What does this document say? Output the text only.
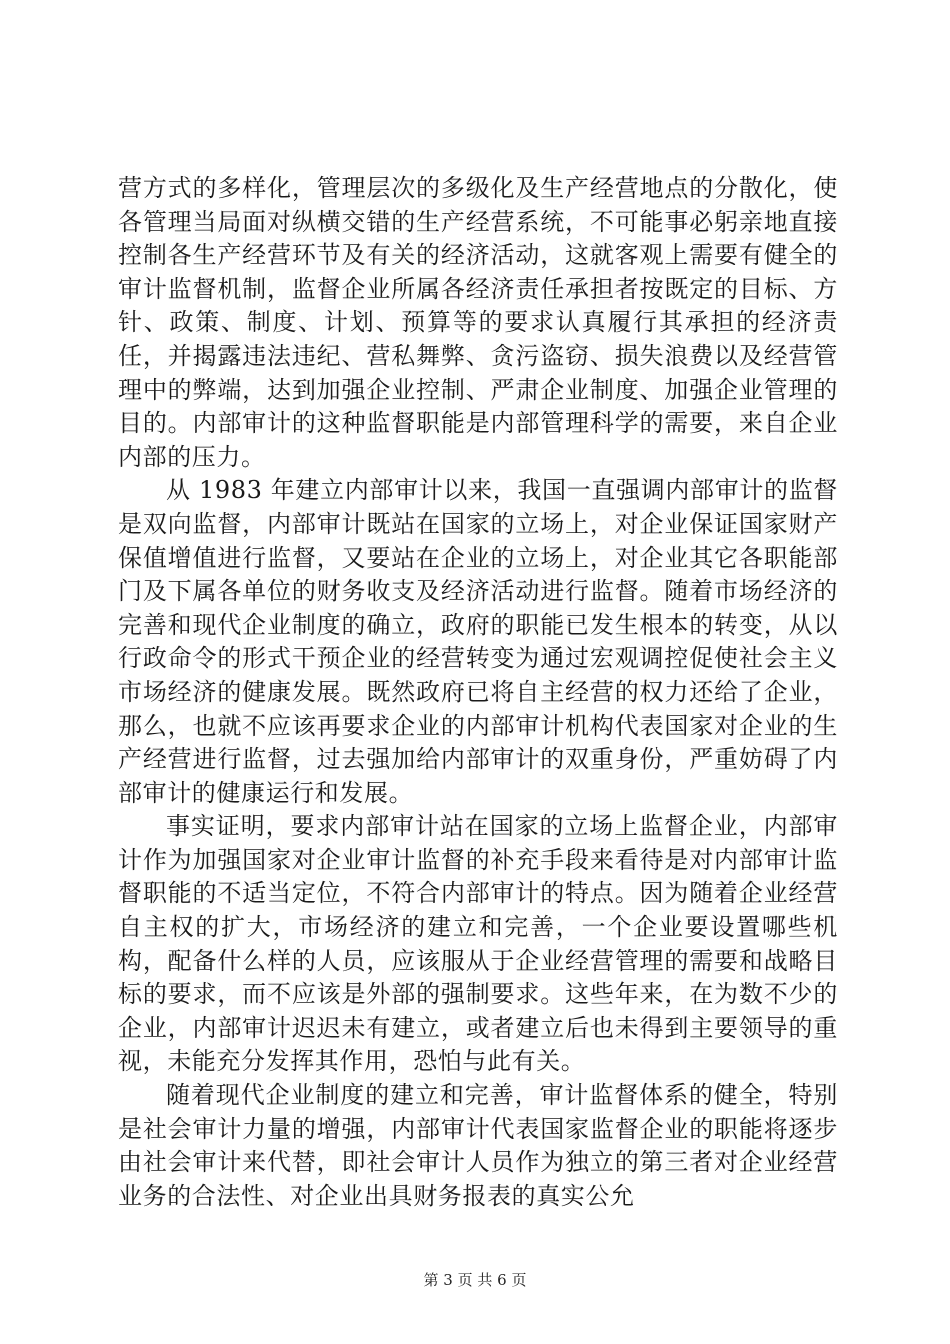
营方式的多样化，管理层次的多级化及生产经营地点的分散化，使各管理当局面对纵横交错的生产经营系统，不可能事必躬亲地直接控制各生产经营环节及有关的经济活动，这就客观上需要有健全的审计监督机制，监督企业所属各经济责任承担者按既定的目标、方针、政策、制度、计划、预算等的要求认真履行其承担的经济责任，并揭露违法违纪、营私舞弊、贪污盗窃、损失浪费以及经营管理中的弊端，达到加强企业控制、严肃企业制度、加强企业管理的目的。内部审计的这种监督职能是内部管理科学的需要，来自企业内部的压力。

从 1983 年建立内部审计以来，我国一直强调内部审计的监督是双向监督，内部审计既站在国家的立场上，对企业保证国家财产保值增值进行监督，又要站在企业的立场上，对企业其它各职能部门及下属各单位的财务收支及经济活动进行监督。随着市场经济的完善和现代企业制度的确立，政府的职能已发生根本的转变，从以行政命令的形式干预企业的经营转变为通过宏观调控促使社会主义市场经济的健康发展。既然政府已将自主经营的权力还给了企业，那么，也就不应该再要求企业的内部审计机构代表国家对企业的生产经营进行监督，过去强加给内部审计的双重身份，严重妨碍了内部审计的健康运行和发展。

事实证明，要求内部审计站在国家的立场上监督企业，内部审计作为加强国家对企业审计监督的补充手段来看待是对内部审计监督职能的不适当定位，不符合内部审计的特点。因为随着企业经营自主权的扩大，市场经济的建立和完善，一个企业要设置哪些机构，配备什么样的人员，应该服从于企业经营管理的需要和战略目标的要求，而不应该是外部的强制要求。这些年来，在为数不少的企业，内部审计迟迟未有建立，或者建立后也未得到主要领导的重视，未能充分发挥其作用，恐怕与此有关。

随着现代企业制度的建立和完善，审计监督体系的健全，特别是社会审计力量的增强，内部审计代表国家监督企业的职能将逐步由社会审计来代替，即社会审计人员作为独立的第三者对企业经营业务的合法性、对企业出具财务报表的真实公允

第 3 页 共 6 页
